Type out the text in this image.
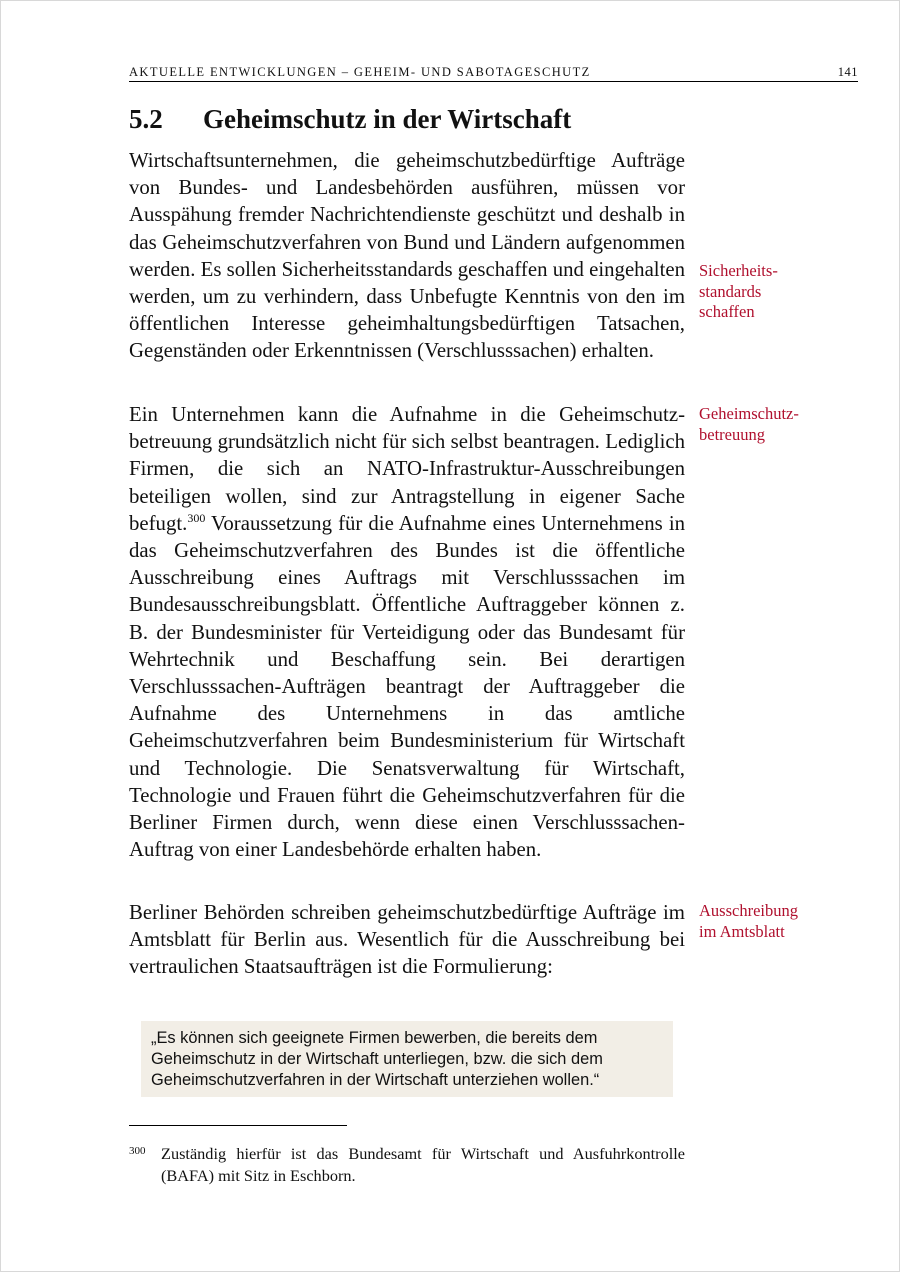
AKTUELLE ENTWICKLUNGEN – GEHEIM- UND SABOTAGESCHUTZ	141
5.2 Geheimschutz in der Wirtschaft

Wirtschaftsunternehmen, die geheimschutzbedürftige Aufträge von Bundes- und Landesbehörden ausführen, müssen vor Ausspähung fremder Nachrichtendienste geschützt und deshalb in das Geheimschutzverfahren von Bund und Ländern aufgenommen werden. Es sollen Sicherheitsstandards geschaffen und eingehalten werden, um zu verhindern, dass Unbefugte Kenntnis von den im öffentlichen Interesse geheimhaltungsbedürftigen Tatsachen, Gegenständen oder Erkenntnissen (Verschlusssachen) erhalten.

Ein Unternehmen kann die Aufnahme in die Geheimschutzbetreuung grundsätzlich nicht für sich selbst beantragen. Lediglich Firmen, die sich an NATO-Infrastruktur-Ausschreibungen beteiligen wollen, sind zur Antragstellung in eigener Sache befugt.$^{300}$ Voraussetzung für die Aufnahme eines Unternehmens in das Geheimschutzverfahren des Bundes ist die öffentliche Ausschreibung eines Auftrags mit Verschlusssachen im Bundesausschreibungsblatt. Öffentliche Auftraggeber können z. B. der Bundesminister für Verteidigung oder das Bundesamt für Wehrtechnik und Beschaffung sein. Bei derartigen Verschlusssachen-Aufträgen beantragt der Auftraggeber die Aufnahme des Unternehmens in das amtliche Geheimschutzverfahren beim Bundesministerium für Wirtschaft und Technologie. Die Senatsverwaltung für Wirtschaft, Technologie und Frauen führt die Geheimschutzverfahren für die Berliner Firmen durch, wenn diese einen Verschlusssachen-Auftrag von einer Landesbehörde erhalten haben.

Berliner Behörden schreiben geheimschutzbedürftige Aufträge im Amtsblatt für Berlin aus. Wesentlich für die Ausschreibung bei vertraulichen Staatsaufträgen ist die Formulierung:

Sicherheits-
standards
schaffen
Geheimschutz-
betreuung
Ausschreibung
im Amtsblatt
„Es können sich geeignete Firmen bewerben, die bereits dem Geheimschutz in der Wirtschaft unterliegen, bzw. die sich dem Geheimschutzverfahren in der Wirtschaft unterziehen wollen.“
300 Zuständig hierfür ist das Bundesamt für Wirtschaft und Ausfuhrkontrolle (BAFA) mit Sitz in Eschborn.
